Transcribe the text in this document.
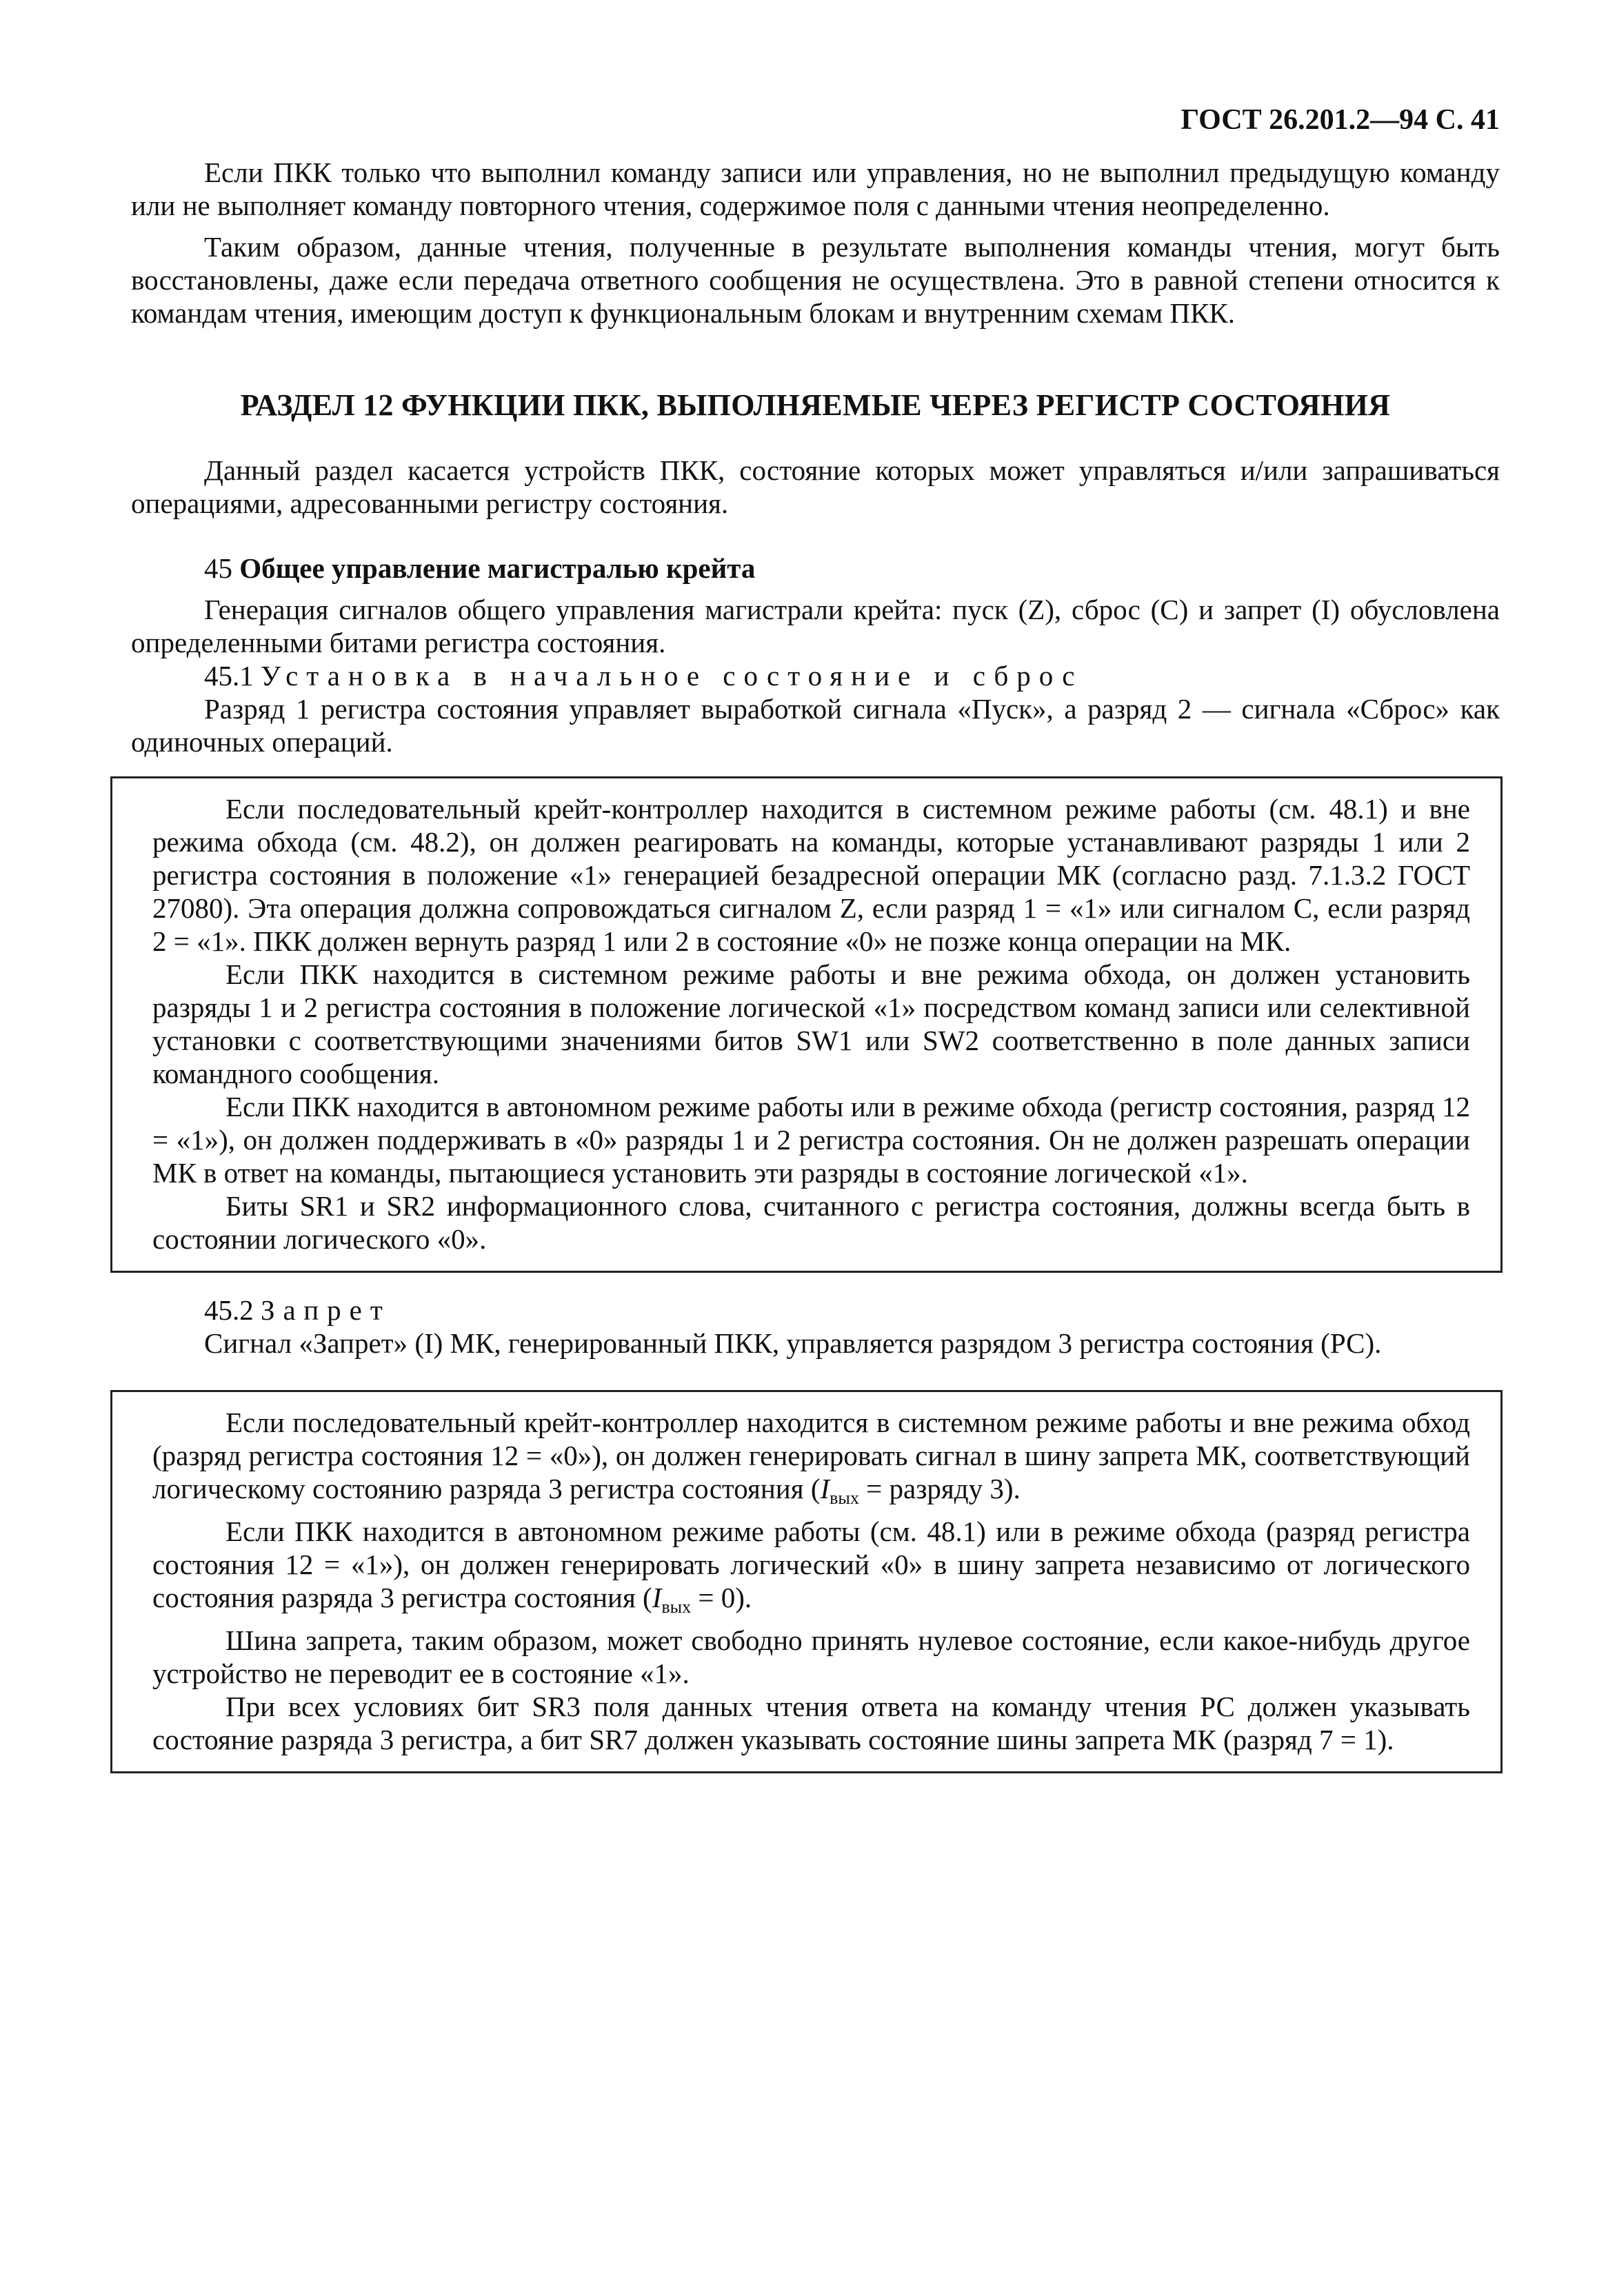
ГОСТ 26.201.2—94 С. 41

Если ПКК только что выполнил команду записи или управления, но не выполнил предыдущую команду или не выполняет команду повторного чтения, содержимое поля с данными чтения неопределенно.

Таким образом, данные чтения, полученные в результате выполнения команды чтения, могут быть восстановлены, даже если передача ответного сообщения не осуществлена. Это в равной степени относится к командам чтения, имеющим доступ к функциональным блокам и внутренним схемам ПКК.

РАЗДЕЛ 12 ФУНКЦИИ ПКК, ВЫПОЛНЯЕМЫЕ ЧЕРЕЗ РЕГИСТР СОСТОЯНИЯ

Данный раздел касается устройств ПКК, состояние которых может управляться и/или запрашиваться операциями, адресованными регистру состояния.

45 Общее управление магистралью крейта

Генерация сигналов общего управления магистрали крейта: пуск (Z), сброс (С) и запрет (I) обусловлена определенными битами регистра состояния.

45.1 Установка в начальное состояние и сброс

Разряд 1 регистра состояния управляет выработкой сигнала «Пуск», а разряд 2 — сигнала «Сброс» как одиночных операций.

Если последовательный крейт-контроллер находится в системном режиме работы (см. 48.1) и вне режима обхода (см. 48.2), он должен реагировать на команды, которые устанавливают разряды 1 или 2 регистра состояния в положение «1» генерацией безадресной операции МК (согласно разд. 7.1.3.2 ГОСТ 27080). Эта операция должна сопровождаться сигналом Z, если разряд 1 = «1» или сигналом С, если разряд 2 = «1». ПКК должен вернуть разряд 1 или 2 в состояние «0» не позже конца операции на МК.

Если ПКК находится в системном режиме работы и вне режима обхода, он должен установить разряды 1 и 2 регистра состояния в положение логической «1» посредством команд записи или селективной установки с соответствующими значениями битов SW1 или SW2 соответственно в поле данных записи командного сообщения.

Если ПКК находится в автономном режиме работы или в режиме обхода (регистр состояния, разряд 12 = «1»), он должен поддерживать в «0» разряды 1 и 2 регистра состояния. Он не должен разрешать операции МК в ответ на команды, пытающиеся установить эти разряды в состояние логической «1».

Биты SR1 и SR2 информационного слова, считанного с регистра состояния, должны всегда быть в состоянии логического «0».

45.2 Запрет

Сигнал «Запрет» (I) МК, генерированный ПКК, управляется разрядом 3 регистра состояния (РС).

Если последовательный крейт-контроллер находится в системном режиме работы и вне режима обход (разряд регистра состояния 12 = «0»), он должен генерировать сигнал в шину запрета МК, соответствующий логическому состоянию разряда 3 регистра состояния ($I_{вых}$ = разряду 3).

Если ПКК находится в автономном режиме работы (см. 48.1) или в режиме обхода (разряд регистра состояния 12 = «1»), он должен генерировать логический «0» в шину запрета независимо от логического состояния разряда 3 регистра состояния $(I_{вых} = 0)$.

Шина запрета, таким образом, может свободно принять нулевое состояние, если какое-нибудь другое устройство не переводит ее в состояние «1».

При всех условиях бит SR3 поля данных чтения ответа на команду чтения РС должен указывать состояние разряда 3 регистра, а бит SR7 должен указывать состояние шины запрета МК (разряд 7 = 1).
